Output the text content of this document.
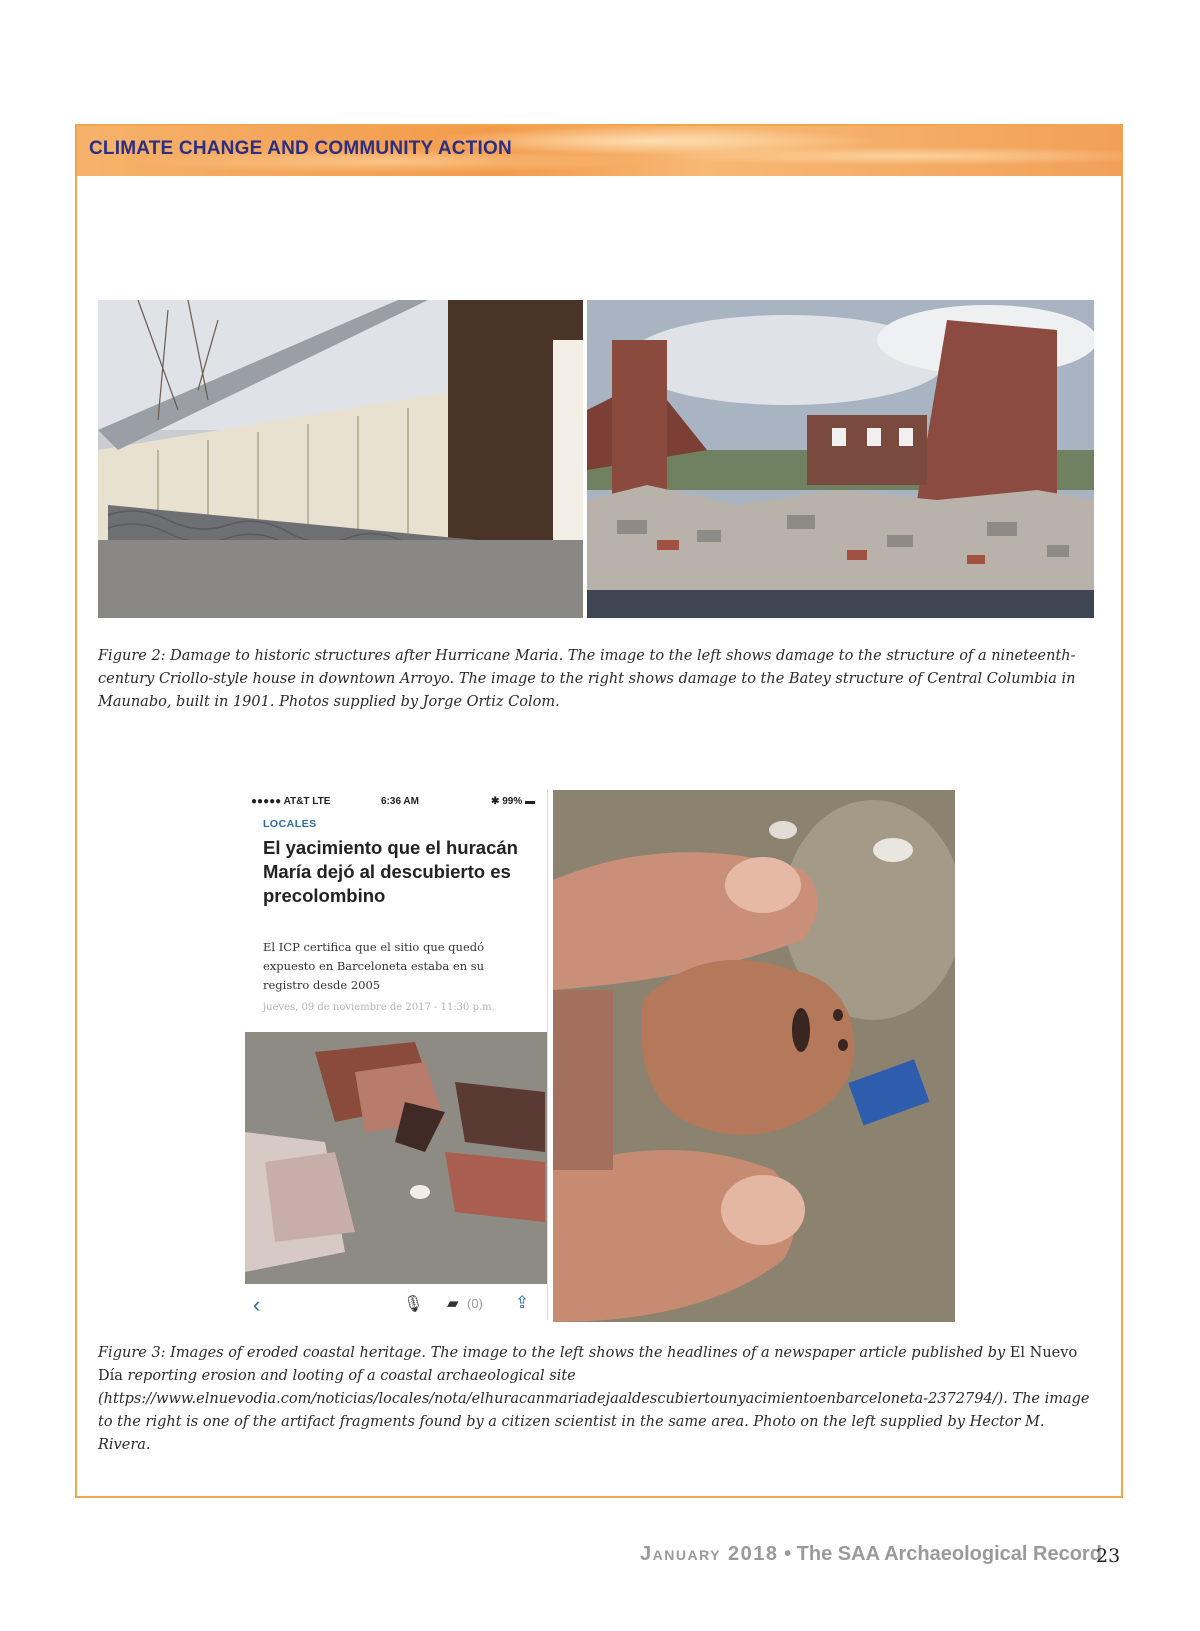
CLIMATE CHANGE AND COMMUNITY ACTION
Figure 2: Damage to historic structures after Hurricane Maria. The image to the left shows damage to the structure of a nineteenth-century Criollo-style house in downtown Arroyo. The image to the right shows damage to the Batey structure of Central Columbia in Maunabo, built in 1901. Photos supplied by Jorge Ortiz Colom.
●●●●● AT&T LTE	6:36 AM	✱ 99% ▬
LOCALES
El yacimiento que el huracán María dejó al descubierto es precolombino
El ICP certifica que el sitio que quedó expuesto en Barceloneta estaba en su registro desde 2005
jueves, 09 de noviembre de 2017 - 11:30 p.m.
‹	🎙 ▰ (0) ⇪
Figure 3: Images of eroded coastal heritage. The image to the left shows the headlines of a newspaper article published by El Nuevo Día reporting erosion and looting of a coastal archaeological site (https://www.elnuevodia.com/noticias/locales/nota/elhuracanmariadejaaldescubiertounyacimientoenbarceloneta-2372794/). The image to the right is one of the artifact fragments found by a citizen scientist in the same area. Photo on the left supplied by Hector M. Rivera.
January 2018 • The SAA Archaeological Record
23
